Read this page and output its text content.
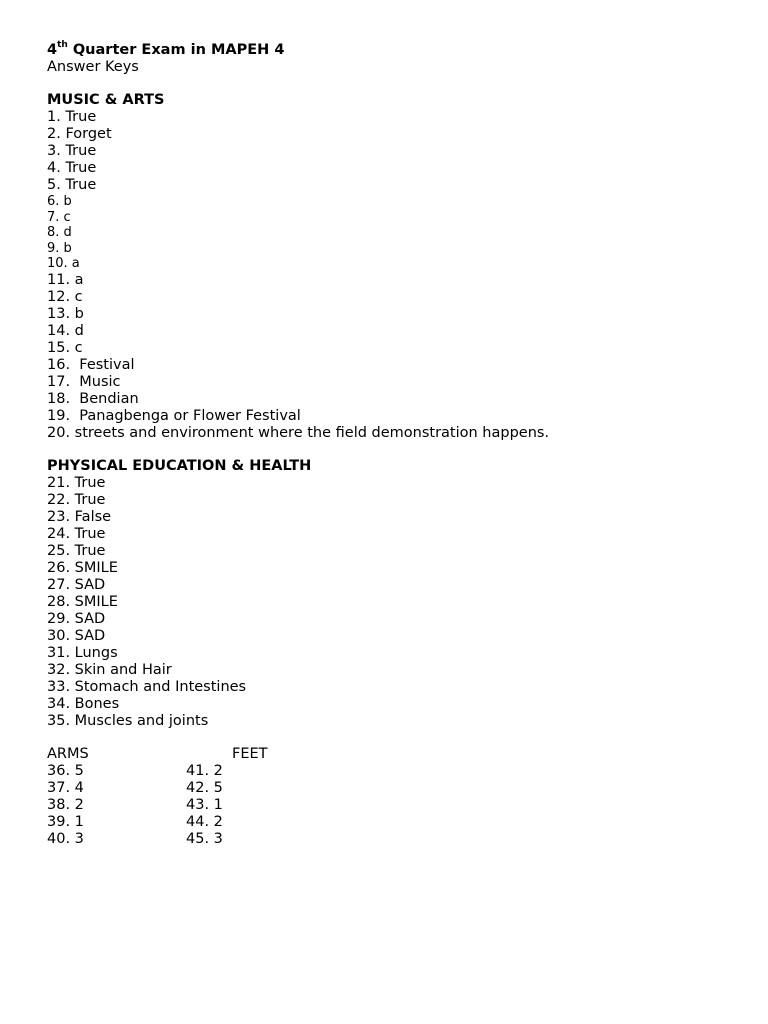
4th Quarter Exam in MAPEH 4
Answer Keys
MUSIC & ARTS
1. True
2. Forget
3. True
4. True
5. True
6. b
7. c
8. d
9. b
10. a
11. a
12. c
13. b
14. d
15. c
16.  Festival
17.  Music
18.  Bendian
19.  Panagbenga or Flower Festival
20. streets and environment where the field demonstration happens.
PHYSICAL EDUCATION & HEALTH
21. True
22. True
23. False
24. True
25. True
26. SMILE
27. SAD
28. SMILE
29. SAD
30. SAD
31. Lungs
32. Skin and Hair
33. Stomach and Intestines
34. Bones
35. Muscles and joints
ARMS	FEET
36. 5	41. 2
37. 4	42. 5
38. 2	43. 1
39. 1	44. 2
40. 3	45. 3
